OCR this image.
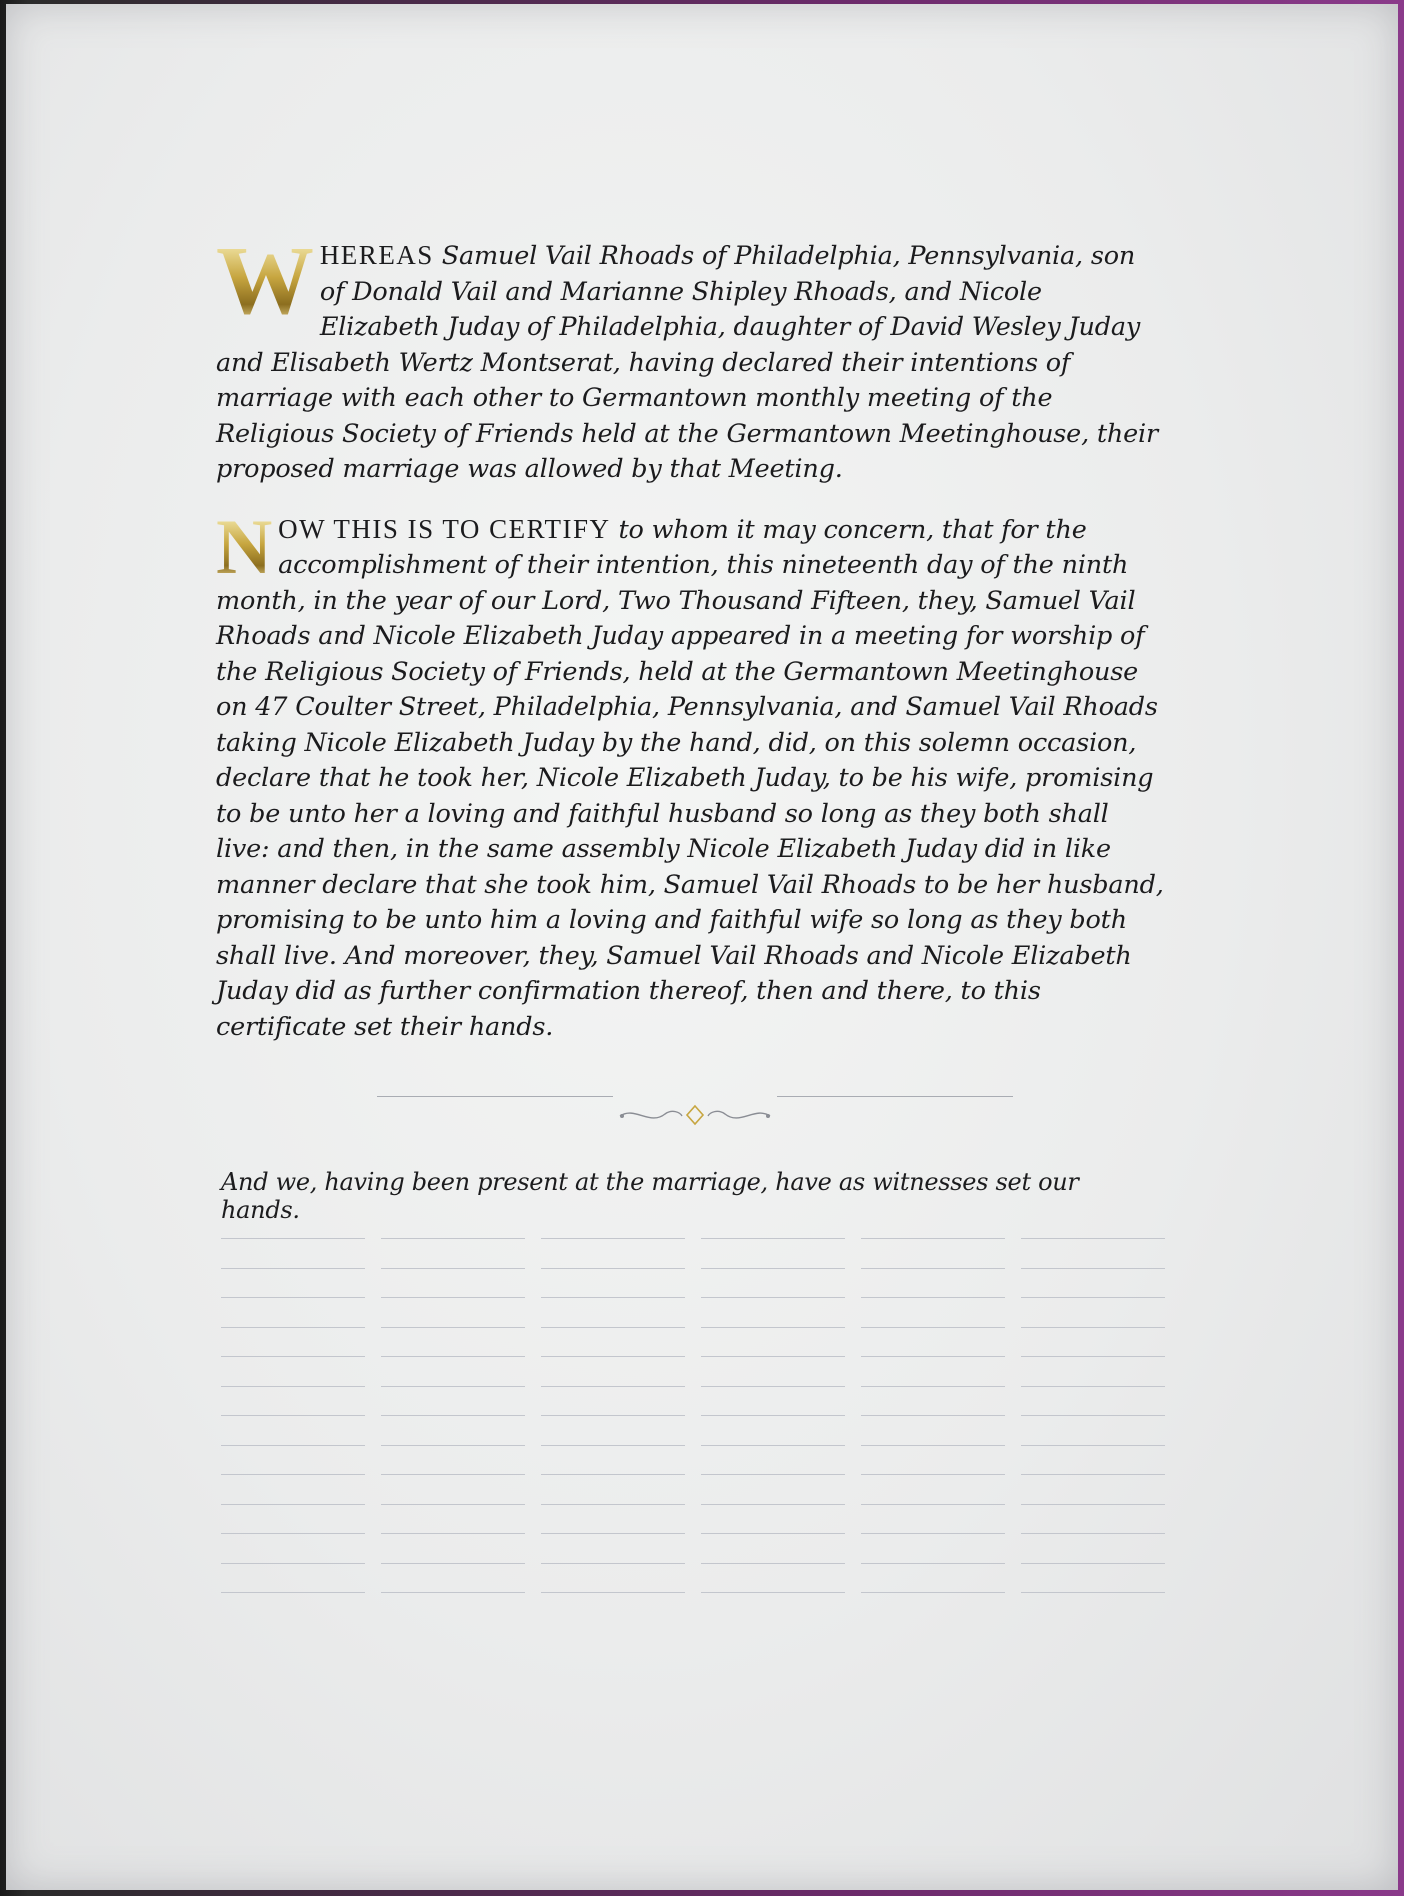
W HEREAS Samuel Vail Rhoads of Philadelphia, Pennsylvania, son of Donald Vail and Marianne Shipley Rhoads, and Nicole Elizabeth Juday of Philadelphia, daughter of David Wesley Juday and Elisabeth Wertz Montserat, having declared their intentions of marriage with each other to Germantown monthly meeting of the Religious Society of Friends held at the Germantown Meetinghouse, their proposed marriage was allowed by that Meeting.

N OW THIS IS TO CERTIFY to whom it may concern, that for the accomplishment of their intention, this nineteenth day of the ninth month, in the year of our Lord, Two Thousand Fifteen, they, Samuel Vail Rhoads and Nicole Elizabeth Juday appeared in a meeting for worship of the Religious Society of Friends, held at the Germantown Meetinghouse on 47 Coulter Street, Philadelphia, Pennsylvania, and Samuel Vail Rhoads taking Nicole Elizabeth Juday by the hand, did, on this solemn occasion, declare that he took her, Nicole Elizabeth Juday, to be his wife, promising to be unto her a loving and faithful husband so long as they both shall live: and then, in the same assembly Nicole Elizabeth Juday did in like manner declare that she took him, Samuel Vail Rhoads to be her husband, promising to be unto him a loving and faithful wife so long as they both shall live. And moreover, they, Samuel Vail Rhoads and Nicole Elizabeth Juday did as further confirmation thereof, then and there, to this certificate set their hands.

And we, having been present at the marriage, have as witnesses set our hands.
